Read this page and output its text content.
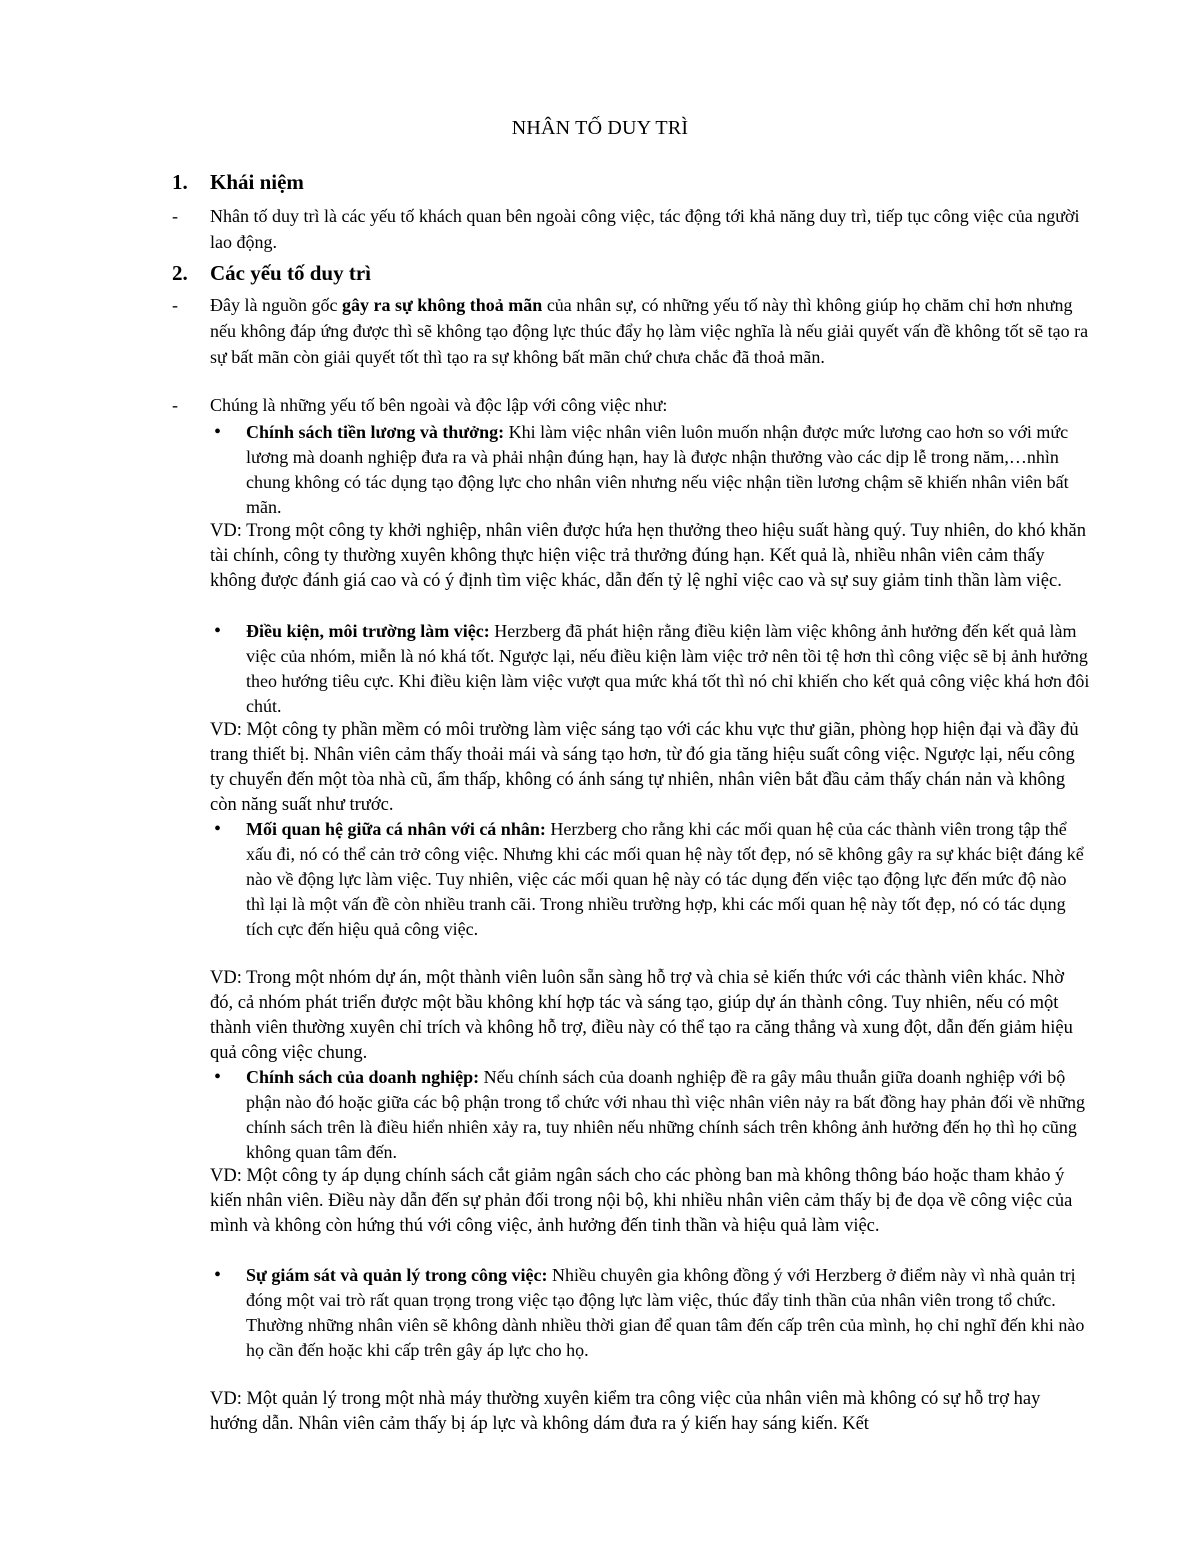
NHÂN TỐ DUY TRÌ
1.	Khái niệm
- Nhân tố duy trì là các yếu tố khách quan bên ngoài công việc, tác động tới khả năng duy trì, tiếp tục công việc của người lao động.
2.	Các yếu tố duy trì
- Đây là nguồn gốc gây ra sự không thoả mãn của nhân sự, có những yếu tố này thì không giúp họ chăm chỉ hơn nhưng nếu không đáp ứng được thì sẽ không tạo động lực thúc đẩy họ làm việc nghĩa là nếu giải quyết vấn đề không tốt sẽ tạo ra sự bất mãn còn giải quyết tốt thì tạo ra sự không bất mãn chứ chưa chắc đã thoả mãn.
- Chúng là những yếu tố bên ngoài và độc lập với công việc như:
• Chính sách tiền lương và thưởng: Khi làm việc nhân viên luôn muốn nhận được mức lương cao hơn so với mức lương mà doanh nghiệp đưa ra và phải nhận đúng hạn, hay là được nhận thưởng vào các dịp lễ trong năm,…nhìn chung không có tác dụng tạo động lực cho nhân viên nhưng nếu việc nhận tiền lương chậm sẽ khiến nhân viên bất mãn.
VD: Trong một công ty khởi nghiệp, nhân viên được hứa hẹn thưởng theo hiệu suất hàng quý. Tuy nhiên, do khó khăn tài chính, công ty thường xuyên không thực hiện việc trả thưởng đúng hạn. Kết quả là, nhiều nhân viên cảm thấy không được đánh giá cao và có ý định tìm việc khác, dẫn đến tỷ lệ nghỉ việc cao và sự suy giảm tinh thần làm việc.
• Điều kiện, môi trường làm việc: Herzberg đã phát hiện rằng điều kiện làm việc không ảnh hưởng đến kết quả làm việc của nhóm, miễn là nó khá tốt. Ngược lại, nếu điều kiện làm việc trở nên tồi tệ hơn thì công việc sẽ bị ảnh hưởng theo hướng tiêu cực. Khi điều kiện làm việc vượt qua mức khá tốt thì nó chỉ khiến cho kết quả công việc khá hơn đôi chút.
VD: Một công ty phần mềm có môi trường làm việc sáng tạo với các khu vực thư giãn, phòng họp hiện đại và đầy đủ trang thiết bị. Nhân viên cảm thấy thoải mái và sáng tạo hơn, từ đó gia tăng hiệu suất công việc. Ngược lại, nếu công ty chuyển đến một tòa nhà cũ, ẩm thấp, không có ánh sáng tự nhiên, nhân viên bắt đầu cảm thấy chán nản và không còn năng suất như trước.
• Mối quan hệ giữa cá nhân với cá nhân: Herzberg cho rằng khi các mối quan hệ của các thành viên trong tập thể xấu đi, nó có thể cản trở công việc. Nhưng khi các mối quan hệ này tốt đẹp, nó sẽ không gây ra sự khác biệt đáng kể nào về động lực làm việc. Tuy nhiên, việc các mối quan hệ này có tác dụng đến việc tạo động lực đến mức độ nào thì lại là một vấn đề còn nhiều tranh cãi. Trong nhiều trường hợp, khi các mối quan hệ này tốt đẹp, nó có tác dụng tích cực đến hiệu quả công việc.
VD: Trong một nhóm dự án, một thành viên luôn sẵn sàng hỗ trợ và chia sẻ kiến thức với các thành viên khác. Nhờ đó, cả nhóm phát triển được một bầu không khí hợp tác và sáng tạo, giúp dự án thành công. Tuy nhiên, nếu có một thành viên thường xuyên chỉ trích và không hỗ trợ, điều này có thể tạo ra căng thẳng và xung đột, dẫn đến giảm hiệu quả công việc chung.
• Chính sách của doanh nghiệp: Nếu chính sách của doanh nghiệp đề ra gây mâu thuẫn giữa doanh nghiệp với bộ phận nào đó hoặc giữa các bộ phận trong tổ chức với nhau thì việc nhân viên nảy ra bất đồng hay phản đối về những chính sách trên là điều hiển nhiên xảy ra, tuy nhiên nếu những chính sách trên không ảnh hưởng đến họ thì họ cũng không quan tâm đến.
VD: Một công ty áp dụng chính sách cắt giảm ngân sách cho các phòng ban mà không thông báo hoặc tham khảo ý kiến nhân viên. Điều này dẫn đến sự phản đối trong nội bộ, khi nhiều nhân viên cảm thấy bị đe dọa về công việc của mình và không còn hứng thú với công việc, ảnh hưởng đến tinh thần và hiệu quả làm việc.
• Sự giám sát và quản lý trong công việc: Nhiều chuyên gia không đồng ý với Herzberg ở điểm này vì nhà quản trị đóng một vai trò rất quan trọng trong việc tạo động lực làm việc, thúc đẩy tinh thần của nhân viên trong tổ chức. Thường những nhân viên sẽ không dành nhiều thời gian để quan tâm đến cấp trên của mình, họ chỉ nghĩ đến khi nào họ cần đến hoặc khi cấp trên gây áp lực cho họ.
VD: Một quản lý trong một nhà máy thường xuyên kiểm tra công việc của nhân viên mà không có sự hỗ trợ hay hướng dẫn. Nhân viên cảm thấy bị áp lực và không dám đưa ra ý kiến hay sáng kiến. Kết
